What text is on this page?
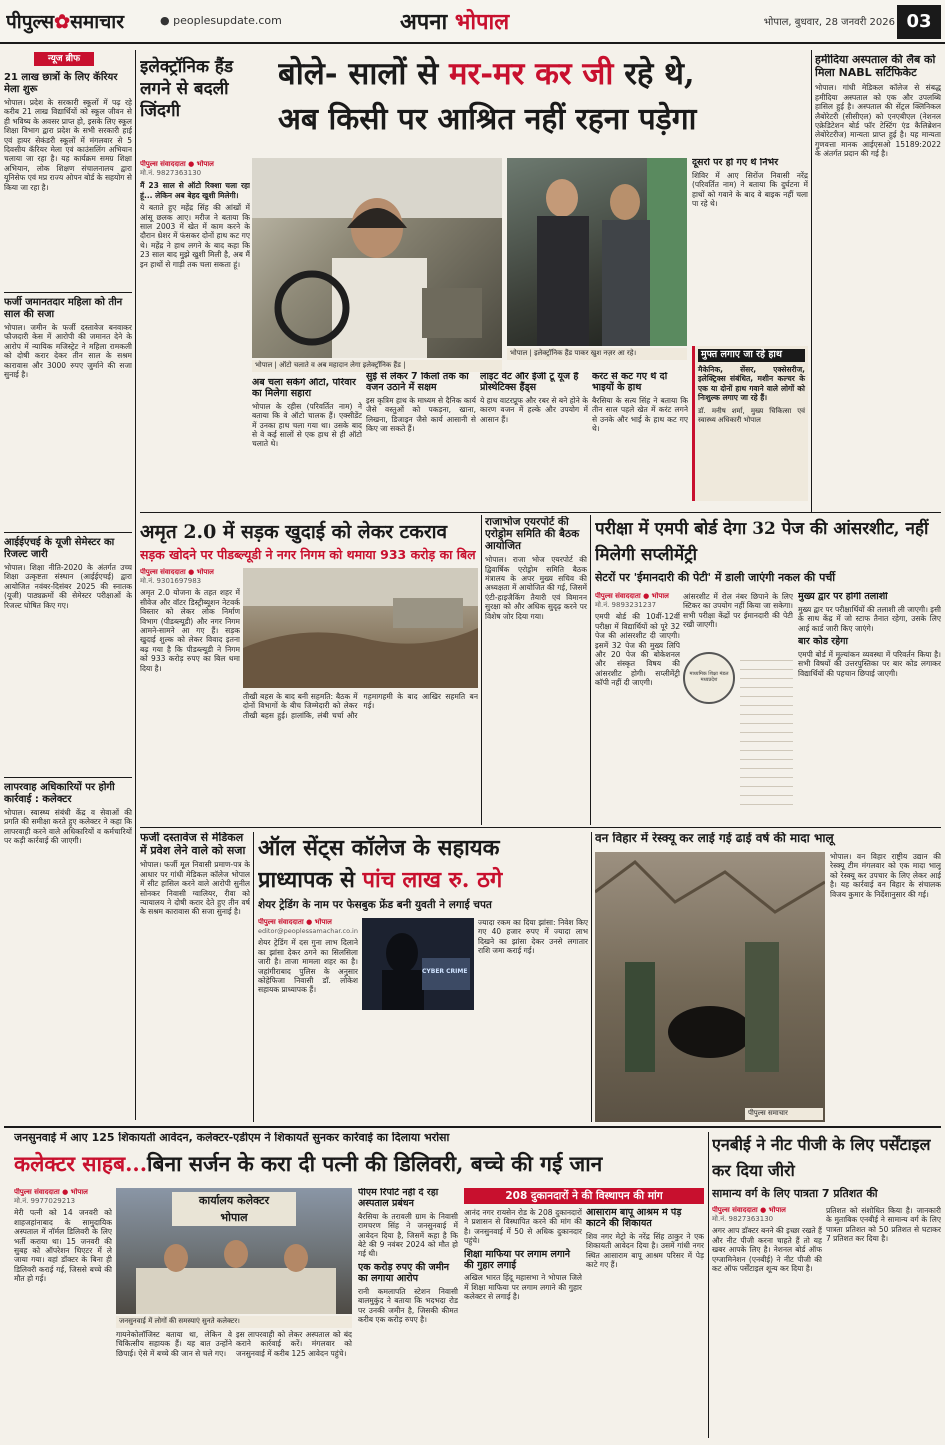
पीपुल्स✿समाचार	● peoplesupdate.com	अपना भोपाल	भोपाल, बुधवार, 28 जनवरी 2026 03
न्यूज ब्रीफ
21 लाख छात्रों के लिए कॅरियर मेला शुरू
भोपाल। प्रदेश के सरकारी स्कूलों में पढ़ रहे करीब 21 लाख विद्यार्थियों को स्कूल जीवन से ही भविष्य के अवसर प्राप्त हो, इसके लिए स्कूल शिक्षा विभाग द्वारा प्रदेश के सभी सरकारी हाई एवं हायर सेकंडरी स्कूलों में मंगलवार से 5 दिवसीय कॅरियर मेला एवं काउंसलिंग अभियान चलाया जा रहा है। यह कार्यक्रम समग्र शिक्षा अभियान, लोक शिक्षण संचालनालय द्वारा यूनिसेफ एवं मप्र राज्य ओपन बोर्ड के सहयोग से किया जा रहा है।
फर्जी जमानतदार महिला को तीन साल की सजा
भोपाल। जमीन के फर्जी दस्तावेज बनवाकर फौजदारी केस में आरोपी की जमानत देने के आरोप में न्यायिक मजिस्ट्रेट ने महिला रामकली को दोषी करार देकर तीन साल के सश्रम कारावास और 3000 रुपए जुर्माने की सजा सुनाई है।
आईईएचई के यूजी सेमेस्टर का रिजल्ट जारी
भोपाल। शिक्षा नीति-2020 के अंतर्गत उच्च शिक्षा उत्कृष्टता संस्थान (आईईएचई) द्वारा आयोजित नवंबर-दिसंबर 2025 की स्नातक (यूजी) पाठ्यक्रमों की सेमेस्टर परीक्षाओं के रिजल्ट घोषित किए गए।
लापरवाह अधिकारियों पर होगी कार्रवाई : कलेक्टर
भोपाल। स्वास्थ्य संबंधी केंद्र व सेवाओं की प्रगति की समीक्षा करते हुए कलेक्टर ने कहा कि लापरवाही करने वाले अधिकारियों व कर्मचारियों पर कड़ी कार्रवाई की जाएगी।
इलेक्ट्रॉनिक हैंड लगने से बदली जिंदगी
बोले- सालों से मर-मर कर जी रहे थे,
अब किसी पर आश्रित नहीं रहना पड़ेगा
पीपुल्स संवाददाता ● भोपाल
मो.नं. 9827363130
मैं 23 साल से ऑटो रिक्शा चला रहा हूं... लेकिन अब बेहद खुशी मिलेगी।
ये बताते हुए महेंद्र सिंह की आंखों में आंसू छलक आए। मरीज ने बताया कि साल 2003 में खेत में काम करने के दौरान थ्रेशर में फंसकर दोनों हाथ कट गए थे। महेंद्र ने हाथ लगने के बाद कहा कि 23 साल बाद मुझे खुशी मिली है, अब मैं इन हाथों से गाड़ी तक चला सकता हूं।
भोपाल | ऑटो चलाते व अब महादान लेगा इलेक्ट्रॉनिक हैंड |
भोपाल | इलेक्ट्रॉनिक हैंड पाकर खुश नज़र आ रहे।
दूसरों पर हो गए थे निर्भर
शिविर में आए सिरोंज निवासी नरेंद्र (परिवर्तित नाम) ने बताया कि दुर्घटना में हाथों को गवाने के बाद वे बाइक नहीं चला पा रहे थे।
मुफ्त लगाए जा रहे हाथ
मैकेनिक, सेंसर, एक्सेसरीज, इलेक्ट्रिक्स संबंधित, मशीन कल्चर के एक या दोनों हाथ गवाने वाले लोगों को निःशुल्क लगाए जा रहे हैं।
डॉ. मनीष शर्मा, मुख्य चिकित्सा एवं स्वास्थ्य अधिकारी भोपाल
अब चला सकेंगे ऑटो, परिवार का मिलेगा सहारा
भोपाल के रहीस (परिवर्तित नाम) ने बताया कि वे ऑटो चालक हैं। एक्सीडेंट में उनका हाथ चला गया था। उसके बाद से वे कई सालों से एक हाथ से ही ऑटो चलाते थे।
सुई से लेकर 7 किलो तक का वजन उठाने में सक्षम
इस कृत्रिम हाथ के माध्यम से दैनिक कार्य जैसे वस्तुओं को पकड़ना, खाना, लिखना, डिजाइन जैसे कार्य आसानी से किए जा सकते हैं।
लाइट वेट और ईजी टू यूज है प्रोस्थेटिक्स हैंड्स
ये हाथ वाटरप्रूफ और रबर से बने होने के कारण वजन में हल्के और उपयोग में आसान हैं।
करंट से कट गए थे दो भाइयों के हाथ
बैरसिया के सत्य सिंह ने बताया कि तीन साल पहले खेत में करंट लगने से उनके और भाई के हाथ कट गए थे।
हमीदिया अस्पताल की लैब को मिला NABL सर्टिफिकेट
भोपाल। गांधी मेडिकल कॉलेज से संबद्ध हमीदिया अस्पताल को एक और उपलब्धि हासिल हुई है। अस्पताल की सेंट्रल क्लिनिकल लैबोरेटरी (सीसीएल) को एनएबीएल (नेशनल एक्रेडिटेशन बोर्ड फॉर टेस्टिंग एंड कैलिब्रेशन लेबोरेटरीज) मान्यता प्राप्त हुई है। यह मान्यता गुणवत्ता मानक आईएसओ 15189:2022 के अंतर्गत प्रदान की गई है।
अमृत 2.0 में सड़क खुदाई को लेकर टकराव
सड़क खोदने पर पीडब्ल्यूडी ने नगर निगम को थमाया 933 करोड़ का बिल
पीपुल्स संवाददाता ● भोपाल
मो.नं. 9301697983
अमृत 2.0 योजना के तहत शहर में सीवेज और वॉटर डिस्ट्रीब्यूशन नेटवर्क विस्तार को लेकर लोक निर्माण विभाग (पीडब्ल्यूडी) और नगर निगम आमने-सामने आ गए हैं। सड़क खुदाई शुल्क को लेकर विवाद इतना बढ़ गया है कि पीडब्ल्यूडी ने निगम को 933 करोड़ रुपए का बिल थमा दिया है।
तीखी बहस के बाद बनी सहमति: बैठक में दोनों विभागों के बीच जिम्मेदारी को लेकर तीखी बहस हुई। हालांकि, लंबी चर्चा और गहमागहमी के बाद आखिर सहमति बन गई।
राजाभोज एयरपोर्ट की एरोड्रोम समिति की बैठक आयोजित
भोपाल। राजा भोज एयरपोर्ट की द्विवार्षिक एरोड्रोम समिति बैठक मंत्रालय के अपर मुख्य सचिव की अध्यक्षता में आयोजित की गई, जिसमें एंटी-हाइजैकिंग तैयारी एवं विमानन सुरक्षा को और अधिक सुदृढ़ करने पर विशेष जोर दिया गया।
परीक्षा में एमपी बोर्ड देगा 32 पेज की आंसरशीट, नहीं मिलेगी सप्लीमेंट्री
सेटरों पर 'ईमानदारी की पेटी' में डाली जाएंगी नकल की पर्ची
पीपुल्स संवाददाता ● भोपाल
मो.नं. 9893231237
एमपी बोर्ड की 10वीं-12वीं परीक्षा में विद्यार्थियों को पूरे 32 पेज की आंसरशीट दी जाएगी। इसमें 32 पेज की मुख्य लिपि और 20 पेज की बोकेशनल और संस्कृत विषय की आंसरशीट होगी। सप्लीमेंट्री कॉपी नहीं दी जाएगी।
आंसरशीट में रोल नंबर छिपाने के लिए स्टिकर का उपयोग नहीं किया जा सकेगा। सभी परीक्षा केंद्रों पर ईमानदारी की पेटी रखी जाएगी।
माध्यमिक शिक्षा मंडल मध्यप्रदेश
मुख्य द्वार पर होगी तलाशी
मुख्य द्वार पर परीक्षार्थियों की तलाशी ली जाएगी। इसी के साथ केंद्र में जो स्टाफ तैनात रहेगा, उसके लिए आई कार्ड जारी किए जाएंगे।
बार कोड रहेगा
एमपी बोर्ड में मूल्यांकन व्यवस्था में परिवर्तन किया है। सभी विषयों की उत्तरपुस्तिका पर बार कोड लगाकर विद्यार्थियों की पहचान छिपाई जाएगी।
फर्जी दस्तावेज से मेडिकल में प्रवेश लेने वाले को सजा
भोपाल। फर्जी मूल निवासी प्रमाण-पत्र के आधार पर गांधी मेडिकल कॉलेज भोपाल में सीट हासिल करने वाले आरोपी सुनील सोनकर निवासी ग्वालियर, रीवा को न्यायालय ने दोषी करार देते हुए तीन वर्ष के सश्रम कारावास की सजा सुनाई है।
ऑल सेंट्स कॉलेज के सहायक
प्राध्यापक से पांच लाख रु. ठगे
शेयर ट्रेडिंग के नाम पर फेसबुक फ्रेंड बनी युवती ने लगाई चपत
पीपुल्स संवाददाता ● भोपाल
editor@peoplessamachar.co.in
शेयर ट्रेडिंग में दस गुना लाभ दिलाने का झांसा देकर ठगने का सिलसिला जारी है। ताजा मामला शहर का है। जहांगीराबाद पुलिस के अनुसार कोहेफिजा निवासी डॉ. लोकेश सहायक प्राध्यापक हैं।
CYBER CRIME
ज्यादा रकम का दिया झांसा: निवेश किए गए 40 हजार रुपए में ज्यादा लाभ दिखने का झांसा देकर उनसे लगातार राशि जमा कराई गई।
वन विहार में रेस्क्यू कर लाई गई ढाई वर्ष की मादा भालू
पीपुल्स समाचार
भोपाल। वन विहार राष्ट्रीय उद्यान की रेस्क्यू टीम मंगलवार को एक मादा भालू को रेस्क्यू कर उपचार के लिए लेकर आई है। यह कार्रवाई वन विहार के संचालक विजय कुमार के निर्देशानुसार की गई।
जनसुनवाई में आए 125 शिकायती आवेदन, कलेक्टर-एडीएम ने शिकायतें सुनकर कार्रवाई का दिलाया भरोसा
कलेक्टर साहब...बिना सर्जन के करा दी पत्नी की डिलिवरी, बच्चे की गई जान
पीपुल्स संवाददाता ● भोपाल
मो.नं. 9977029213
मेरी पत्नी को 14 जनवरी को शाहजहांनाबाद के सामुदायिक अस्पताल में नॉर्मल डिलिवरी के लिए भर्ती कराया था। 15 जनवरी की सुबह को ऑपरेशन थिएटर में ले जाया गया। वहां डॉक्टर के बिना ही डिलिवरी कराई गई, जिससे बच्चे की मौत हो गई।
कार्यालय कलेक्टर
भोपाल
जनसुनवाई में लोगों की समस्याएं सुनते कलेक्टर।
गायनेकोलॉजिस्ट बताया था, लेकिन वे चिकित्सीय सहायक हैं। यह बात उन्होंने छिपाई। ऐसे में बच्चे की जान से चले गए।
इस लापरवाही को लेकर अस्पताल को बंद कराने कार्रवाई करें। मंगलवार को जनसुनवाई में करीब 125 आवेदन पहुंचे।
पीएम रिपोर्ट नहीं दे रहा अस्पताल प्रबंधन
बैरसिया के तरावली ग्राम के निवासी रामचरण सिंह ने जनसुनवाई में आवेदन दिया है, जिसमें कहा है कि बेटे की 9 नवंबर 2024 को मौत हो गई थी।
एक करोड़ रुपए की जमीन का लगाया आरोप
रानी कमलापति स्टेशन निवासी बालमुकुंद ने बताया कि भदभदा रोड पर उनकी जमीन है, जिसकी कीमत करीब एक करोड़ रुपए है।
208 दुकानदारों ने की विस्थापन की मांग
आनंद नगर रायसेन रोड के 208 दुकानदारों ने प्रशासन से विस्थापित करने की मांग की है। जनसुनवाई में 50 से अधिक दुकानदार पहुंचे।
शिक्षा माफिया पर लगाम लगाने की गुहार लगाई
अखिल भारत हिंदू महासभा ने भोपाल जिले में शिक्षा माफिया पर लगाम लगाने की गुहार कलेक्टर से लगाई है।
आसाराम बापू आश्रम में पेड़ काटने की शिकायत
शिव नगर मेट्रो के नरेंद्र सिंह ठाकुर ने एक शिकायती आवेदन दिया है। उसमें गांधी नगर स्थित आसाराम बापू आश्रम परिसर में पेड़ काटे गए हैं।
एनबीई ने नीट पीजी के लिए पर्सेंटाइल कर दिया जीरो
सामान्य वर्ग के लिए पात्रता 7 प्रतिशत की
पीपुल्स संवाददाता ● भोपाल
मो.नं. 9827363130
अगर आप डॉक्टर बनने की इच्छा रखते हैं और नीट पीजी करना चाहते हैं तो यह खबर आपके लिए है। नेशनल बोर्ड ऑफ एग्जामिनेशन (एनबीई) ने नीट पीजी की कट ऑफ पर्सेंटाइल शून्य कर दिया है।
प्रतिशत को संशोधित किया है। जानकारी के मुताबिक एनबीई ने सामान्य वर्ग के लिए पात्रता प्रतिशत को 50 प्रतिशत से घटाकर 7 प्रतिशत कर दिया है।
